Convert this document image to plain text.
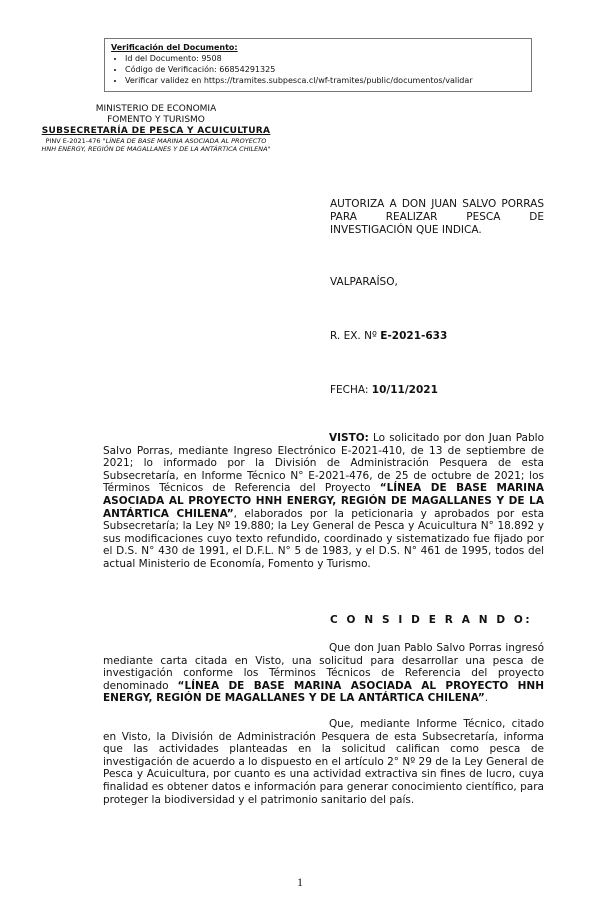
Verificación del Documento:
• Id del Documento: 9508
• Código de Verificación: 66854291325
• Verificar validez en https://tramites.subpesca.cl/wf-tramites/public/documentos/validar
MINISTERIO DE ECONOMIA
FOMENTO Y TURISMO
SUBSECRETARÍA DE PESCA Y ACUICULTURA
PINV E-2021-476 "LÍNEA DE BASE MARINA ASOCIADA AL PROYECTO HNH ENERGY, REGIÓN DE MAGALLANES Y DE LA ANTÁRTICA CHILENA"
AUTORIZA A DON JUAN SALVO PORRAS PARA REALIZAR PESCA DE INVESTIGACIÓN QUE INDICA.
VALPARAÍSO,
R. EX. Nº E-2021-633
FECHA: 10/11/2021
VISTO: Lo solicitado por don Juan Pablo Salvo Porras, mediante Ingreso Electrónico E-2021-410, de 13 de septiembre de 2021; lo informado por la División de Administración Pesquera de esta Subsecretaría, en Informe Técnico N° E-2021-476, de 25 de octubre de 2021; los Términos Técnicos de Referencia del Proyecto “LÍNEA DE BASE MARINA ASOCIADA AL PROYECTO HNH ENERGY, REGIÓN DE MAGALLANES Y DE LA ANTÁRTICA CHILENA”, elaborados por la peticionaria y aprobados por esta Subsecretaría; la Ley Nº 19.880; la Ley General de Pesca y Acuicultura N° 18.892 y sus modificaciones cuyo texto refundido, coordinado y sistematizado fue fijado por el D.S. N° 430 de 1991, el D.F.L. N° 5 de 1983, y el D.S. N° 461 de 1995, todos del actual Ministerio de Economía, Fomento y Turismo.
C O N S I D E R A N D O:
Que don Juan Pablo Salvo Porras ingresó mediante carta citada en Visto, una solicitud para desarrollar una pesca de investigación conforme los Términos Técnicos de Referencia del proyecto denominado “LÍNEA DE BASE MARINA ASOCIADA AL PROYECTO HNH ENERGY, REGIÓN DE MAGALLANES Y DE LA ANTÁRTICA CHILENA”.
Que, mediante Informe Técnico, citado en Visto, la División de Administración Pesquera de esta Subsecretaría, informa que las actividades planteadas en la solicitud califican como pesca de investigación de acuerdo a lo dispuesto en el artículo 2° Nº 29 de la Ley General de Pesca y Acuicultura, por cuanto es una actividad extractiva sin fines de lucro, cuya finalidad es obtener datos e información para generar conocimiento científico, para proteger la biodiversidad y el patrimonio sanitario del país.
1
